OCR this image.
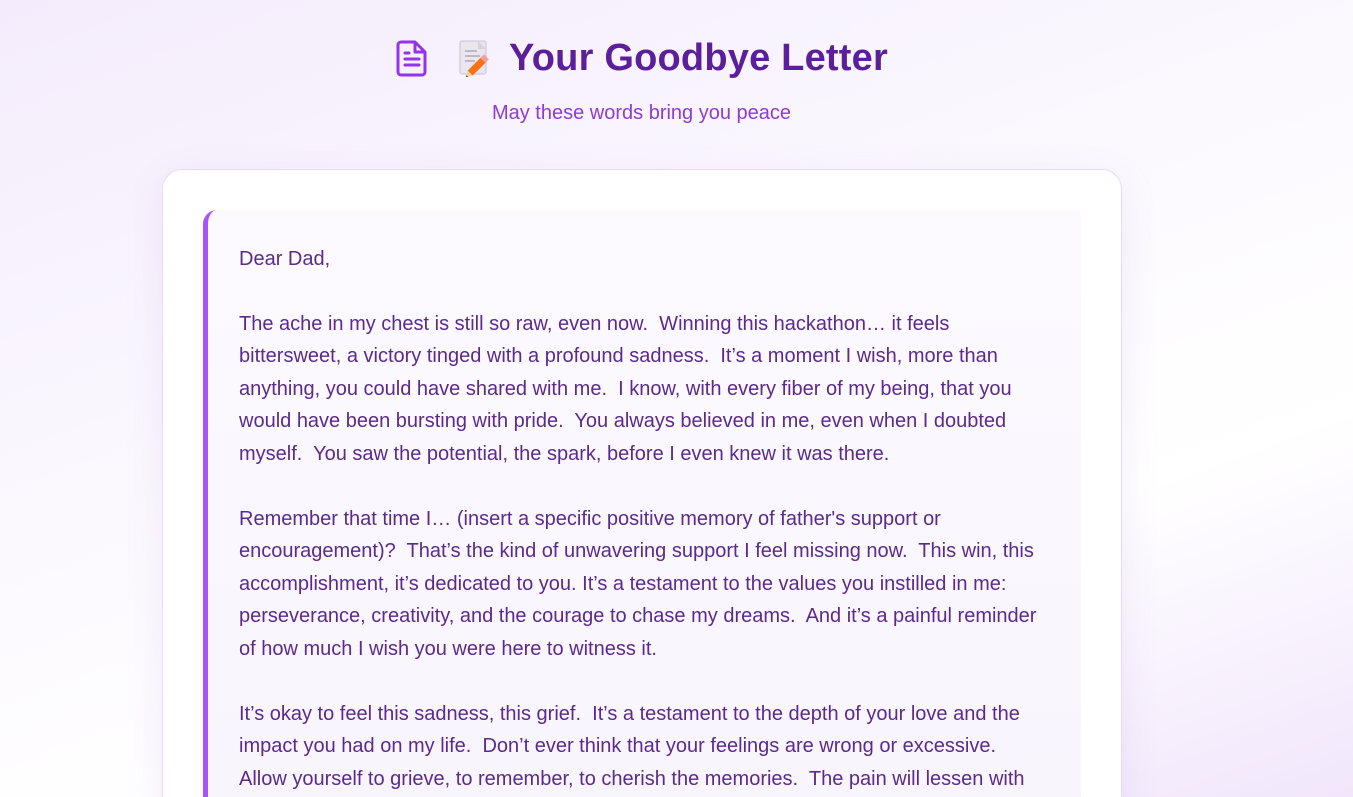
Your Goodbye Letter
May these words bring you peace

Dear Dad,

The ache in my chest is still so raw, even now.  Winning this hackathon… it feels bittersweet, a victory tinged with a profound sadness.  It’s a moment I wish, more than anything, you could have shared with me.  I know, with every fiber of my being, that you would have been bursting with pride.  You always believed in me, even when I doubted myself.  You saw the potential, the spark, before I even knew it was there.

Remember that time I… (insert a specific positive memory of father's support or encouragement)?  That’s the kind of unwavering support I feel missing now.  This win, this accomplishment, it’s dedicated to you. It’s a testament to the values you instilled in me: perseverance, creativity, and the courage to chase my dreams.  And it’s a painful reminder of how much I wish you were here to witness it.

It’s okay to feel this sadness, this grief.  It’s a testament to the depth of your love and the impact you had on my life.  Don’t ever think that your feelings are wrong or excessive.  Allow yourself to grieve, to remember, to cherish the memories.  The pain will lessen with
